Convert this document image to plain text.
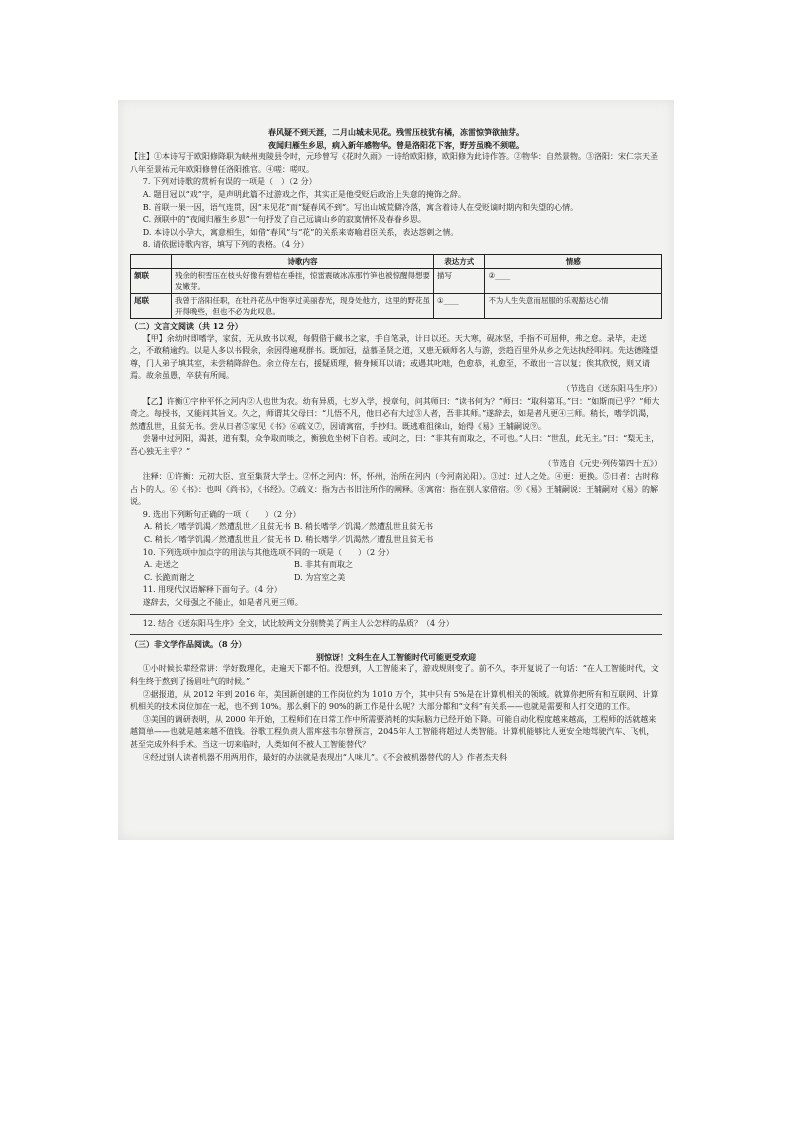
春风疑不到天涯，二月山城未见花。残雪压枝犹有橘，冻雷惊笋欲抽芽。

夜闻归雁生乡思，病入新年感物华。曾是洛阳花下客，野芳虽晚不须嗟。

【注】①本诗写于欧阳修降职为峡州夷陵县令时，元珍曾写《花时久雨》一诗给欧阳修，欧阳修为此诗作答。②物华：自然景物。③洛阳：宋仁宗天圣八年至景祐元年欧阳修曾任洛阳推官。④嗟：嗟叹。

7. 下列对诗歌的赏析有误的一项是（　）（2 分）

A. 题目冠以“戏”字，是声明此篇不过游戏之作，其实正是他受贬后政治上失意的掩饰之辞。

B. 首联一果一因，语气连贯，因“未见花”而“疑春风不到”。写出山城荒僻冷落，寓含着诗人在受贬谪时期内和失望的心情。

C. 颈联中的“夜闻归雁生乡思”一句抒发了自己远谪山乡的寂寞情怀及春眷乡思。

D. 本诗以小孕大，寓意相生，如借“春风”与“花”的关系来寄喻君臣关系，表达怨刺之情。

8. 请依据诗歌内容，填写下列的表格。（4 分）

	诗歌内容	表达方式	情感
颔联	残余的积雪压在枝头好像有碧桔在垂挂，惊雷震破冰冻那竹笋也被惊醒得想要发嫩芽。	描写	②____
尾联	我曾于洛阳任职，在牡丹花丛中饱享过美丽春光，现身处他方，这里的野花虽开得晚些，但也不必为此叹息。	①____	不为人生失意而屈服的乐观豁达心情

（二）文言文阅读（共 12 分）

【甲】余幼时即嗜学，家贫，无从致书以观，每假借于藏书之家，手自笔录，计日以还。天大寒，砚冰坚，手指不可屈伸，弗之怠。录毕，走送之，不敢稍逾约。以是人多以书假余，余因得遍观群书。既加冠，益慕圣贤之道，又患无硕师名人与游，尝趋百里外从乡之先达执经叩问。先达德隆望尊，门人弟子填其室，未尝稍降辞色。余立侍左右，援疑质理，俯身倾耳以请；或遇其叱咄，色愈恭，礼愈至，不敢出一言以复；俟其欣悦，则又请焉。故余虽愚，卒获有所闻。

（节选自《送东阳马生序》）

【乙】许衡①字仲平怀之河内②人也世为农。幼有异质，七岁入学，授章句，问其师曰：“读书何为？”师曰：“取科第耳。”曰：“如斯而已乎？”师大奇之。每授书，又能问其旨义。久之，师谓其父母曰：“儿悟不凡，他日必有大过③人者，吾非其师。”遂辞去，如是者凡更④三师。稍长，嗜学饥渴，然遭乱世，且贫无书。尝从日者⑤家见《书》⑥疏义⑦，因请寓宿，手抄归。既逃难徂徕山，始得《易》王辅嗣说⑨。

尝暑中过河阳，渴甚，道有梨，众争取而啖之，衡独危坐树下自若。或问之，曰：“非其有而取之，不可也。”人曰：“世乱，此无主。”曰：“梨无主，吾心独无主乎？”

（节选自《元史·列传第四十五》）

注释：①许衡：元初大臣、宣至集贤大学士。②怀之河内：怀，怀州，治所在河内（今河南沁阳）。③过：过人之处。④更：更换。⑤日者：古时称占卜的人。⑥《书》：也叫《尚书》，《书经》。⑦疏义：指为古书旧注所作的阐释。⑧寓宿：指在别人家借宿。⑨《易》王辅嗣说：王辅嗣对《易》的解说。

9. 选出下列断句正确的一项（　　）（2 分）

A. 稍长／嗜学饥渴／然遭乱世／且贫无书 B. 稍长嗜学／饥渴／然遭乱世且贫无书

C. 稍长／嗜学饥渴／然遭乱世且／贫无书 D. 稍长嗜学／饥渴然／遭乱世且贫无书

10. 下列选项中加点字的用法与其他选项不同的一项是（　　）（2 分）

A. 走送之	B. 非其有而取之

C. 长跪而谢之	D. 为宫室之美

11. 用现代汉语解释下面句子。（4 分）

遂辞去，父母强之不能止，如是者凡更三师。

12. 结合《送东阳马生序》全文，试比较两文分别赞美了两主人公怎样的品质？（4 分）

（三）非文学作品阅读。（8 分）

别惊讶！文科生在人工智能时代可能更受欢迎

①小时候长辈经常讲：学好数理化，走遍天下都不怕。没想到，人工智能来了，游戏规则变了。前不久，李开复说了一句话：“在人工智能时代，文科生终于熬到了扬眉吐气的时候。”

②据报道，从 2012 年到 2016 年，美国新创建的工作岗位约为 1010 万个，其中只有 5%是在计算机相关的领域。就算你把所有和互联网、计算机相关的技术岗位加在一起，也不到 10%。那么剩下的 90%的新工作是什么呢？大部分都和“文科”有关系——也就是需要和人打交道的工作。

③美国的调研表明，从 2000 年开始，工程师们在日常工作中所需要消耗的实际脑力已经开始下降。可能自动化程度越来越高，工程师的活就越来越简单——也就是越来越不值钱。谷歌工程负责人雷库兹韦尔曾预言，2045年人工智能将超过人类智能。计算机能够比人更安全地驾驶汽车、飞机，甚至完成外科手术。当这一切来临时，人类如何不被人工智能替代？

④经过别人读者机器不用两用作，最好的办法就是表现出“人味儿”。《不会被机器替代的人》作者杰夫科
